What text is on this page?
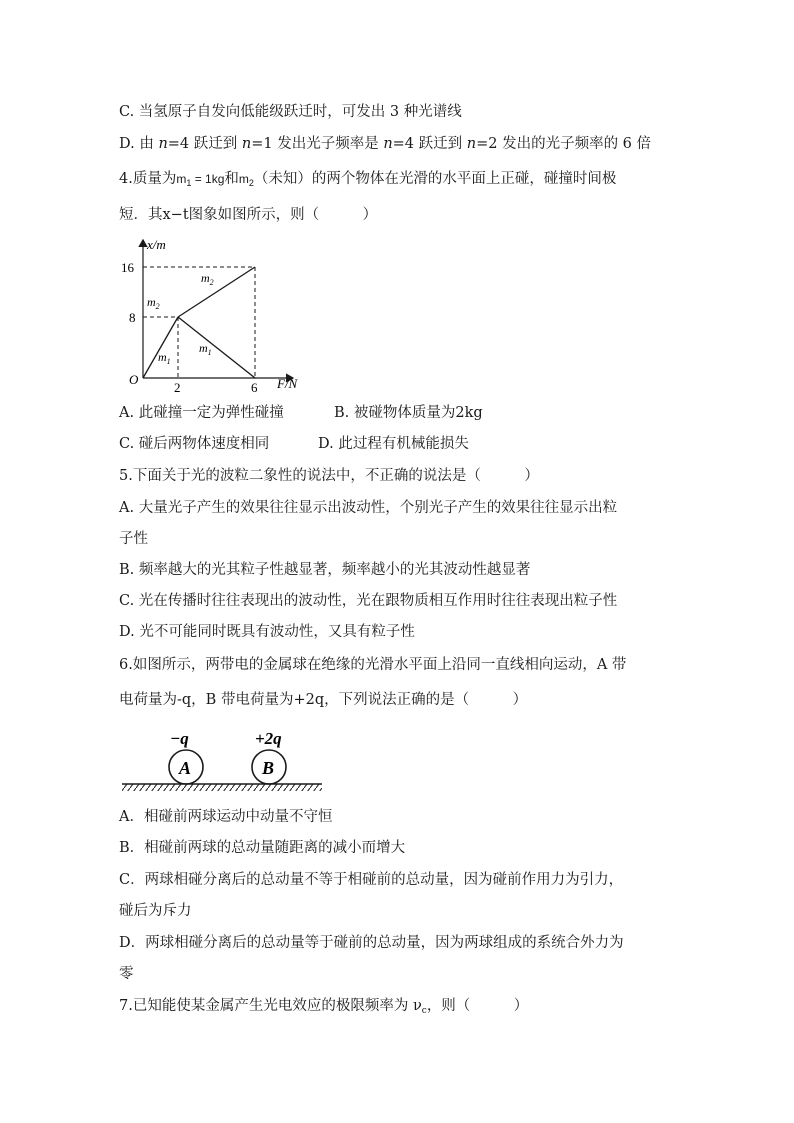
C. 当氢原子自发向低能级跃迁时，可发出 3 种光谱线
D. 由 n=4 跃迁到 n=1 发出光子频率是 n=4 跃迁到 n=2 发出的光子频率的 6 倍
4.质量为$m_1 = 1kg$和$m_2$（未知）的两个物体在光滑的水平面上正碰，碰撞时间极
短．其x−t图象如图所示，则（　　　）
x/m
F/N
O
16
8
2	6
$m_2$
$m_2$
$m_1$
$m_1$
A. 此碰撞一定为弹性碰撞	B. 被碰物体质量为2kg
C. 碰后两物体速度相同	D. 此过程有机械能损失
5.下面关于光的波粒二象性的说法中，不正确的说法是（　　　）
A. 大量光子产生的效果往往显示出波动性，个别光子产生的效果往往显示出粒
子性
B. 频率越大的光其粒子性越显著，频率越小的光其波动性越显著
C. 光在传播时往往表现出的波动性，光在跟物质相互作用时往往表现出粒子性
D. 光不可能同时既具有波动性，又具有粒子性
6.如图所示，两带电的金属球在绝缘的光滑水平面上沿同一直线相向运动，A 带
电荷量为-q，B 带电荷量为+2q，下列说法正确的是（　　　）
−q	+2q
A	B
A．相碰前两球运动中动量不守恒
B．相碰前两球的总动量随距离的减小而增大
C．两球相碰分离后的总动量不等于相碰前的总动量，因为碰前作用力为引力，
碰后为斥力
D．两球相碰分离后的总动量等于碰前的总动量，因为两球组成的系统合外力为
零
7.已知能使某金属产生光电效应的极限频率为 $\nu_c$，则（　　　）
